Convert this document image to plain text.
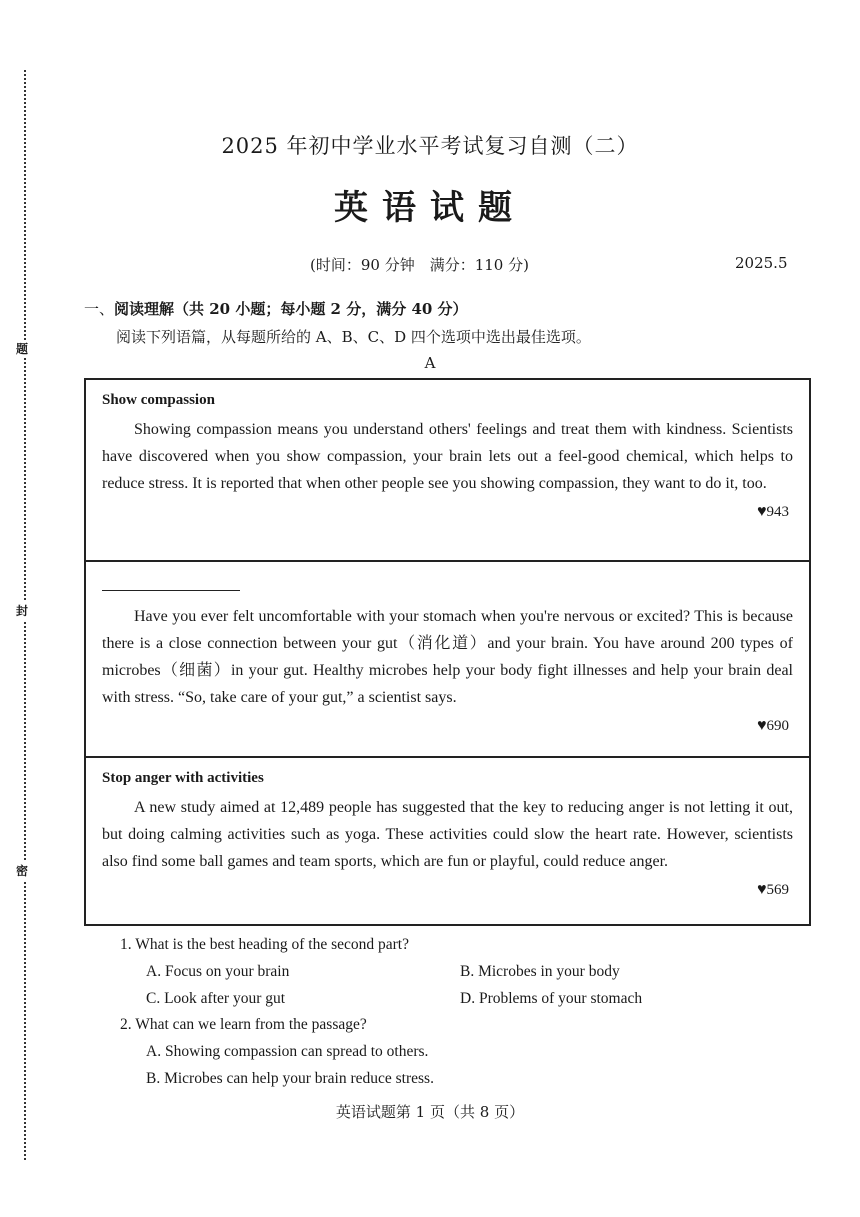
题
封
密
2025 年初中学业水平考试复习自测（二）
英语试题
(时间：90 分钟　满分：110 分)	2025.5
一、阅读理解（共 20 小题；每小题 2 分，满分 40 分）
阅读下列语篇，从每题所给的 A、B、C、D 四个选项中选出最佳选项。
A
Show compassion

Showing compassion means you understand others' feelings and treat them with kindness. Scientists have discovered when you show compassion, your brain lets out a feel-good chemical, which helps to reduce stress. It is reported that when other people see you showing compassion, they want to do it, too.

♥943

Have you ever felt uncomfortable with your stomach when you're nervous or excited? This is because there is a close connection between your gut（消化道）and your brain. You have around 200 types of microbes（细菌）in your gut. Healthy microbes help your body fight illnesses and help your brain deal with stress. “So, take care of your gut,” a scientist says.

♥690
Stop anger with activities

A new study aimed at 12,489 people has suggested that the key to reducing anger is not letting it out, but doing calming activities such as yoga. These activities could slow the heart rate. However, scientists also find some ball games and team sports, which are fun or playful, could reduce anger.

♥569
1. What is the best heading of the second part?
A. Focus on your brain	B. Microbes in your body
C. Look after your gut	D. Problems of your stomach
2. What can we learn from the passage?
A. Showing compassion can spread to others.
B. Microbes can help your brain reduce stress.
英语试题第 1 页（共 8 页）
